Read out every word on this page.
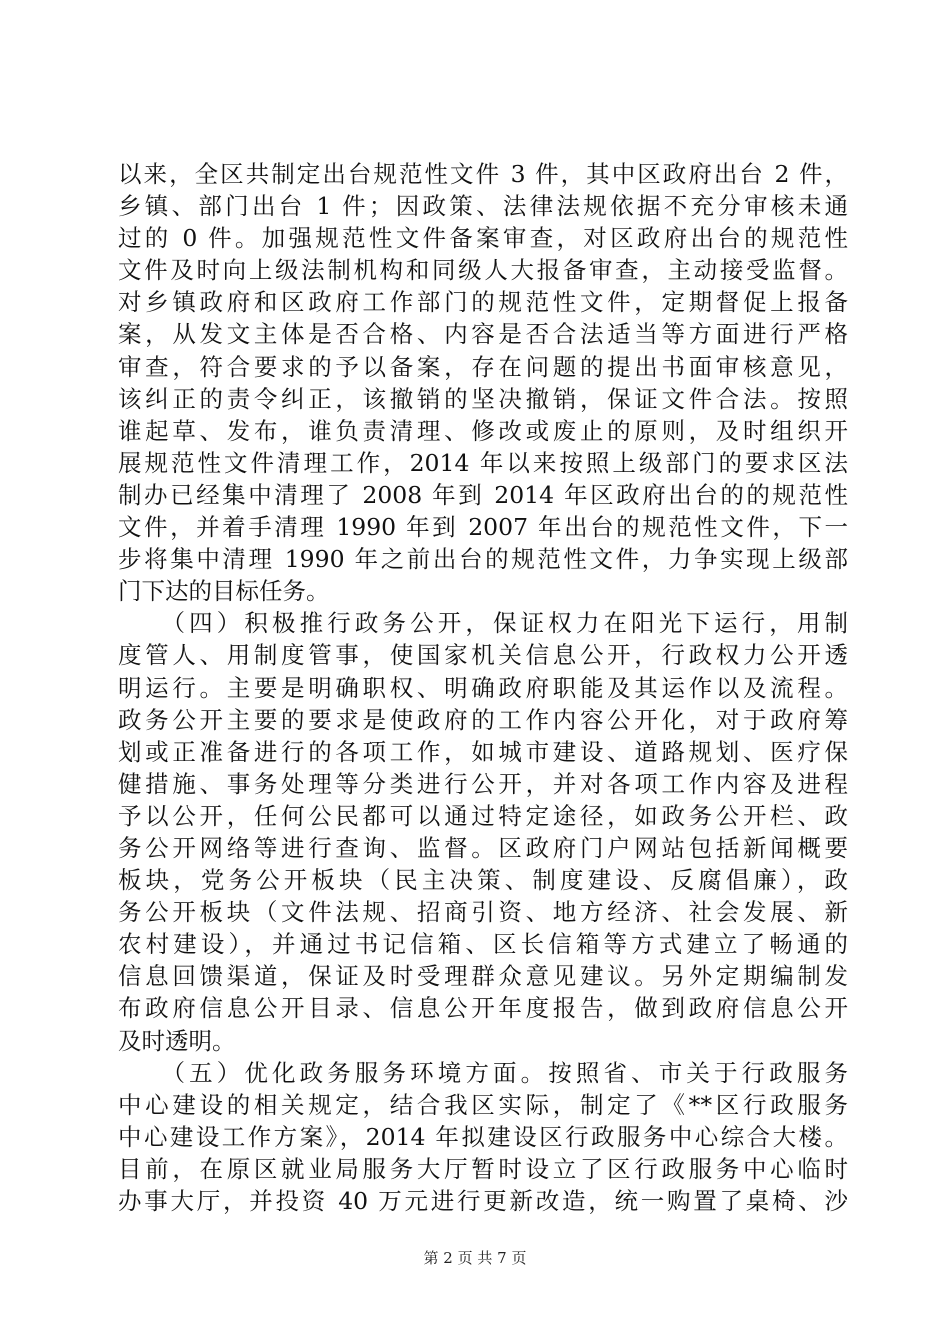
以来，全区共制定出台规范性文件 3 件，其中区政府出台 2 件，
乡镇、部门出台 1 件；因政策、法律法规依据不充分审核未通
过的 0 件。加强规范性文件备案审查，对区政府出台的规范性
文件及时向上级法制机构和同级人大报备审查，主动接受监督。
对乡镇政府和区政府工作部门的规范性文件，定期督促上报备
案，从发文主体是否合格、内容是否合法适当等方面进行严格
审查，符合要求的予以备案，存在问题的提出书面审核意见，
该纠正的责令纠正，该撤销的坚决撤销，保证文件合法。按照
谁起草、发布，谁负责清理、修改或废止的原则，及时组织开
展规范性文件清理工作，2014 年以来按照上级部门的要求区法
制办已经集中清理了 2008 年到 2014 年区政府出台的的规范性
文件，并着手清理 1990 年到 2007 年出台的规范性文件，下一
步将集中清理 1990 年之前出台的规范性文件，力争实现上级部
门下达的目标任务。
　　（四）积极推行政务公开，保证权力在阳光下运行，用制
度管人、用制度管事，使国家机关信息公开，行政权力公开透
明运行。主要是明确职权、明确政府职能及其运作以及流程。
政务公开主要的要求是使政府的工作内容公开化，对于政府筹
划或正准备进行的各项工作，如城市建设、道路规划、医疗保
健措施、事务处理等分类进行公开，并对各项工作内容及进程
予以公开，任何公民都可以通过特定途径，如政务公开栏、政
务公开网络等进行查询、监督。区政府门户网站包括新闻概要
板块，党务公开板块（民主决策、制度建设、反腐倡廉），政
务公开板块（文件法规、招商引资、地方经济、社会发展、新
农村建设），并通过书记信箱、区长信箱等方式建立了畅通的
信息回馈渠道，保证及时受理群众意见建议。另外定期编制发
布政府信息公开目录、信息公开年度报告，做到政府信息公开
及时透明。
　　（五）优化政务服务环境方面。按照省、市关于行政服务
中心建设的相关规定，结合我区实际，制定了《**区行政服务
中心建设工作方案》，2014 年拟建设区行政服务中心综合大楼。
目前，在原区就业局服务大厅暂时设立了区行政服务中心临时
办事大厅，并投资 40 万元进行更新改造，统一购置了桌椅、沙
第 2 页 共 7 页
